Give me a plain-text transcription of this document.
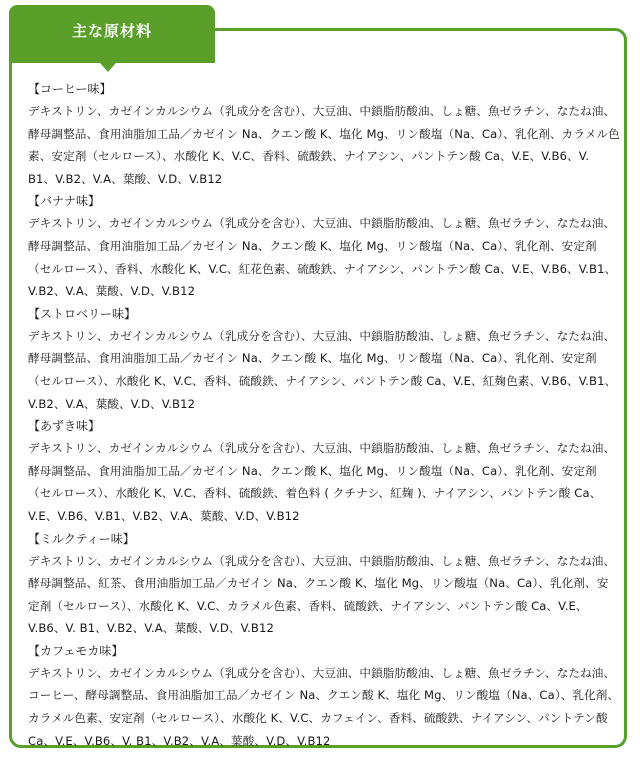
主な原材料

【コーヒー味】

デキストリン、カゼインカルシウム（乳成分を含む）、大豆油、中鎖脂肪酸油、しょ糖、魚ゼラチン、なたね油、酵母調整品、食用油脂加工品／カゼイン Na、クエン酸 K、塩化 Mg、リン酸塩（Na、Ca）、乳化剤、カラメル色素、安定剤（セルロース）、水酸化 K、V.C、香料、硫酸鉄、ナイアシン、パントテン酸 Ca、V.E、V.B6、V. B1、V.B2、V.A、葉酸、V.D、V.B12

【バナナ味】

デキストリン、カゼインカルシウム（乳成分を含む）、大豆油、中鎖脂肪酸油、しょ糖、魚ゼラチン、なたね油、酵母調整品、食用油脂加工品／カゼイン Na、クエン酸 K、塩化 Mg、リン酸塩（Na、Ca）、乳化剤、安定剤（セルロース）、香料、水酸化 K、V.C、紅花色素、硫酸鉄、ナイアシン、パントテン酸 Ca、V.E、V.B6、V.B1、V.B2、V.A、葉酸、V.D、V.B12

【ストロベリー味】

デキストリン、カゼインカルシウム（乳成分を含む）、大豆油、中鎖脂肪酸油、しょ糖、魚ゼラチン、なたね油、酵母調整品、食用油脂加工品／カゼイン Na、クエン酸 K、塩化 Mg、リン酸塩（Na、Ca）、乳化剤、安定剤（セルロース）、水酸化 K、V.C、香料、硫酸鉄、ナイアシン、パントテン酸 Ca、V.E、紅麹色素、V.B6、V.B1、V.B2、V.A、葉酸、V.D、V.B12

【あずき味】

デキストリン、カゼインカルシウム（乳成分を含む）、大豆油、中鎖脂肪酸油、しょ糖、魚ゼラチン、なたね油、酵母調整品、食用油脂加工品／カゼイン Na、クエン酸 K、塩化 Mg、リン酸塩（Na、Ca）、乳化剤、安定剤（セルロース）、水酸化 K、V.C、香料、硫酸鉄、着色料 ( クチナシ、紅麹 )、ナイアシン、パントテン酸 Ca、V.E、V.B6、V.B1、V.B2、V.A、葉酸、V.D、V.B12

【ミルクティー味】

デキストリン、カゼインカルシウム（乳成分を含む）、大豆油、中鎖脂肪酸油、しょ糖、魚ゼラチン、なたね油、酵母調整品、紅茶、食用油脂加工品／カゼイン Na、クエン酸 K、塩化 Mg、リン酸塩（Na、Ca）、乳化剤、安定剤（セルロース）、水酸化 K、V.C、カラメル色素、香料、硫酸鉄、ナイアシン、パントテン酸 Ca、V.E、V.B6、V. B1、V.B2、V.A、葉酸、V.D、V.B12

【カフェモカ味】

デキストリン、カゼインカルシウム（乳成分を含む）、大豆油、中鎖脂肪酸油、しょ糖、魚ゼラチン、なたね油、コーヒー、酵母調整品、食用油脂加工品／カゼイン Na、クエン酸 K、塩化 Mg、リン酸塩（Na、Ca）、乳化剤、カラメル色素、安定剤（セルロース）、水酸化 K、V.C、カフェイン、香料、硫酸鉄、ナイアシン、パントテン酸 Ca、V.E、V.B6、V. B1、V.B2、V.A、葉酸、V.D、V.B12
